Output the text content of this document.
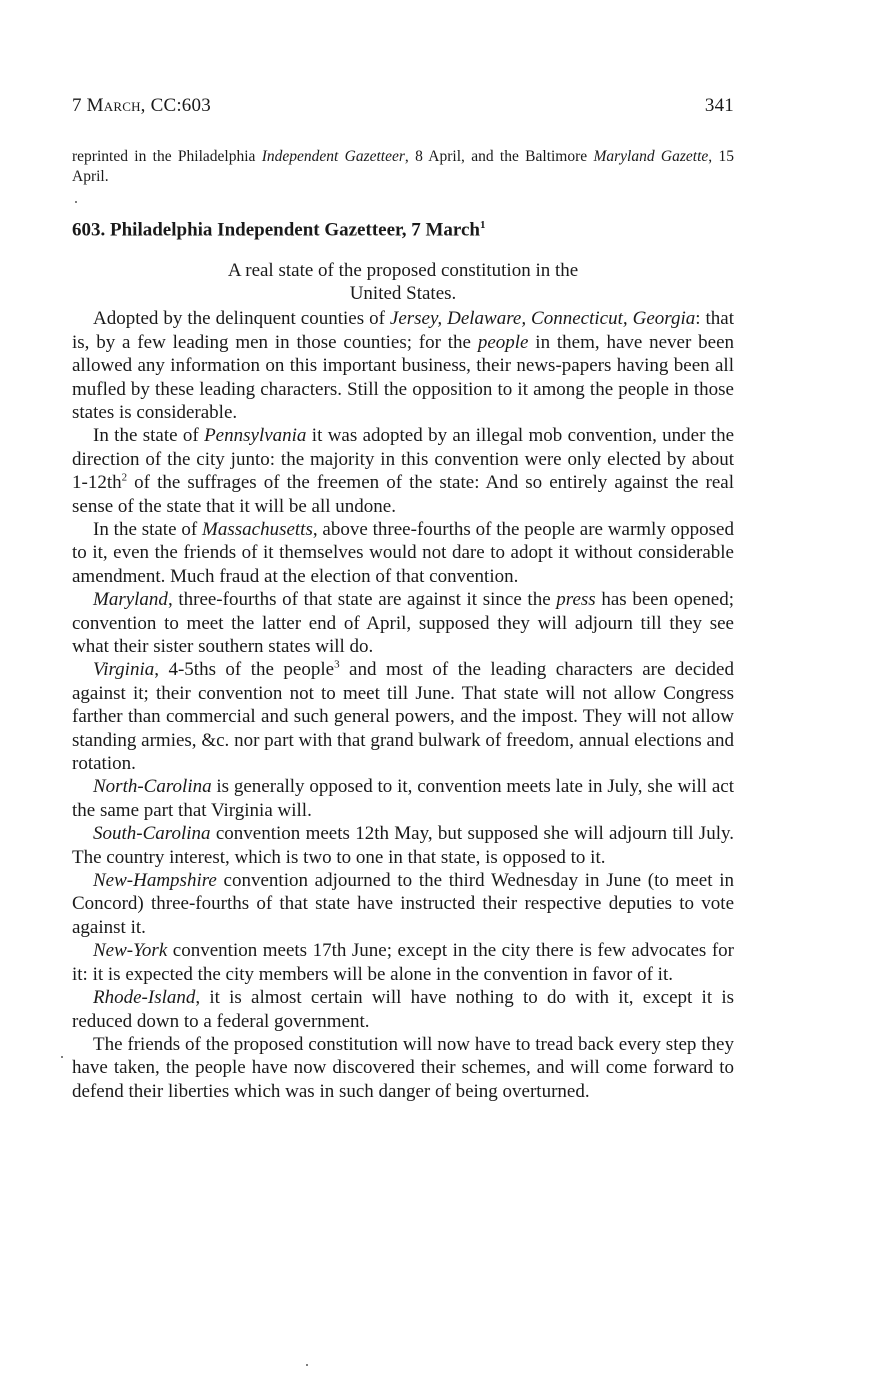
7 March, CC:603	341
reprinted in the Philadelphia Independent Gazetteer, 8 April, and the Baltimore Maryland Gazette, 15 April.
603. Philadelphia Independent Gazetteer, 7 March$^1$
A real state of the proposed constitution in the
United States.

Adopted by the delinquent counties of Jersey, Delaware, Connecticut, Georgia: that is, by a few leading men in those counties; for the people in them, have never been allowed any information on this important business, their news-papers having been all mufled by these leading characters. Still the opposition to it among the people in those states is considerable.

In the state of Pennsylvania it was adopted by an illegal mob convention, under the direction of the city junto: the majority in this convention were only elected by about $1-12th^2$ of the suffrages of the freemen of the state: And so entirely against the real sense of the state that it will be all undone.

In the state of Massachusetts, above three-fourths of the people are warmly opposed to it, even the friends of it themselves would not dare to adopt it without considerable amendment. Much fraud at the election of that convention.

Maryland, three-fourths of that state are against it since the press has been opened; convention to meet the latter end of April, supposed they will adjourn till they see what their sister southern states will do.

Virginia, 4-5ths of the people$^3$ and most of the leading characters are decided against it; their convention not to meet till June. That state will not allow Congress farther than commercial and such general powers, and the impost. They will not allow standing armies, &c. nor part with that grand bulwark of freedom, annual elections and rotation.

North-Carolina is generally opposed to it, convention meets late in July, she will act the same part that Virginia will.

South-Carolina convention meets 12th May, but supposed she will adjourn till July. The country interest, which is two to one in that state, is opposed to it.

New-Hampshire convention adjourned to the third Wednesday in June (to meet in Concord) three-fourths of that state have instructed their respective deputies to vote against it.

New-York convention meets 17th June; except in the city there is few advocates for it: it is expected the city members will be alone in the convention in favor of it.

Rhode-Island, it is almost certain will have nothing to do with it, except it is reduced down to a federal government.

The friends of the proposed constitution will now have to tread back every step they have taken, the people have now discovered their schemes, and will come forward to defend their liberties which was in such danger of being overturned.
